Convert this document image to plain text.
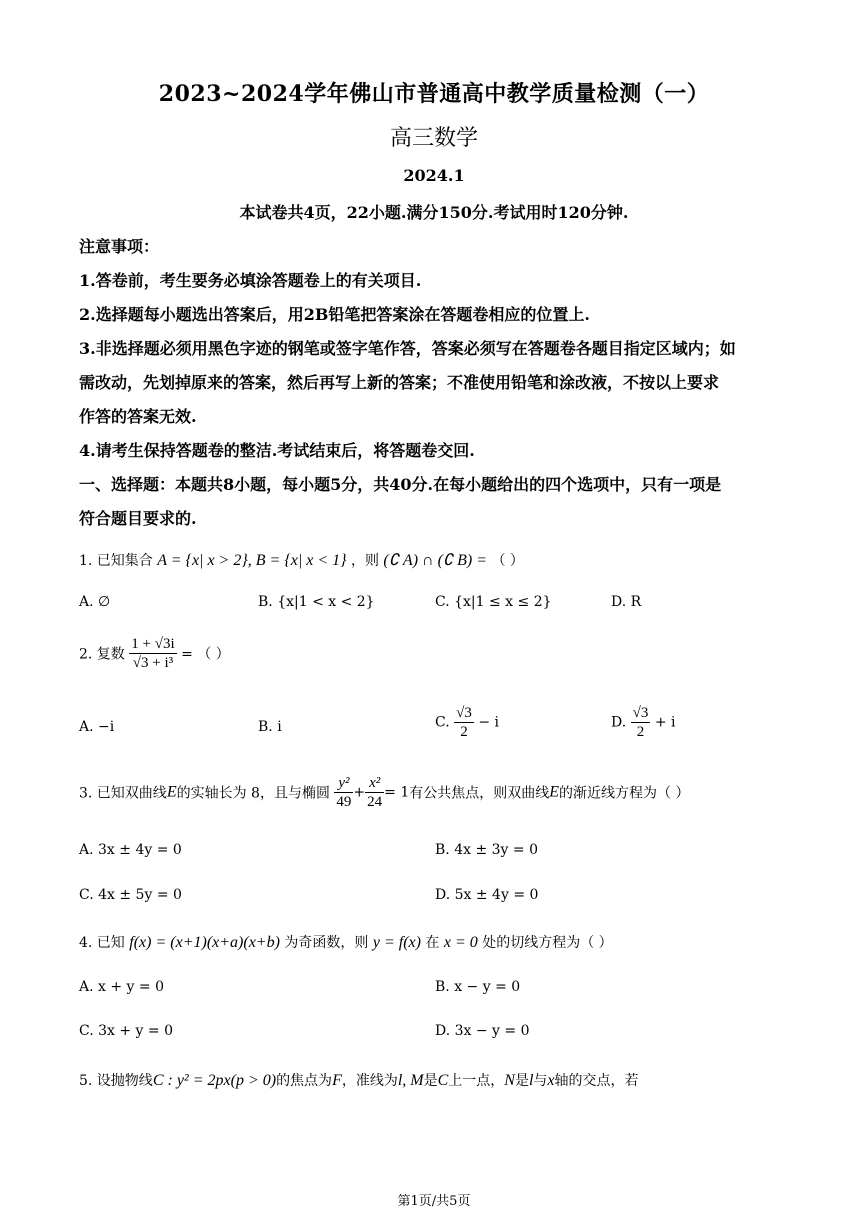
2023~2024学年佛山市普通高中教学质量检测（一）
高三数学
2024.1
本试卷共4页，22小题.满分150分.考试用时120分钟.
注意事项：
1.答卷前，考生要务必填涂答题卷上的有关项目.
2.选择题每小题选出答案后，用2B铅笔把答案涂在答题卷相应的位置上.
3.非选择题必须用黑色字迹的钢笔或签字笔作答，答案必须写在答题卷各题目指定区域内；如
需改动，先划掉原来的答案，然后再写上新的答案；不准使用铅笔和涂改液，不按以上要求
作答的答案无效.
4.请考生保持答题卷的整洁.考试结束后，将答题卷交回.
一、选择题：本题共8小题，每小题5分，共40分.在每小题给出的四个选项中，只有一项是
符合题目要求的.
1. 已知集合 A = {x| x > 2}, B = {x| x < 1} ，则 (∁ A) ∩ (∁ B) = （ ）
A. ∅	B. {x|1 < x < 2}	C. {x|1 ≤ x ≤ 2}	D. R
2. 复数 $\frac{1 + √3i}{\text{√3 + i³}}$ = （ ）
A. −i	B. i	C. $\frac{√3}{2} - i$	D. $\frac{√3}{2} + i$
3. 已知双曲线E的实轴长为 8，且与椭圆 $\frac{\text{y²}}{49} + \frac{\text{x²}}{24} = 1$有公共焦点，则双曲线E的渐近线方程为（ ）
A. 3x ± 4y = 0	B. 4x ± 3y = 0
C. 4x ± 5y = 0	D. 5x ± 4y = 0
4. 已知 f(x) = (x+1)(x+a)(x+b) 为奇函数，则 y = f(x) 在 x = 0 处的切线方程为（ ）
A. x + y = 0	B. x − y = 0
C. 3x + y = 0	D. 3x − y = 0
5. 设抛物线C : y² = 2px(p > 0)的焦点为F，准线为l, M是C上一点，N是l与x轴的交点，若
第1页/共5页
